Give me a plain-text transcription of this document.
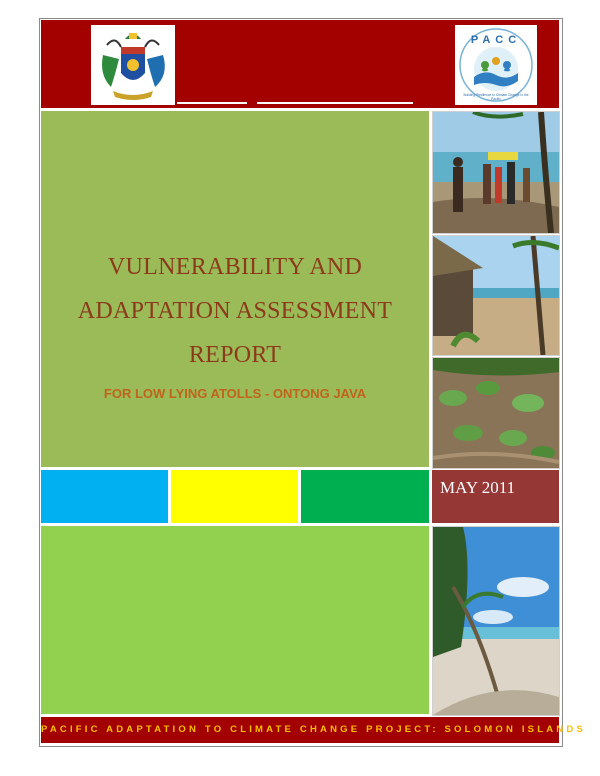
PACC
Building Resilience to Climate Change in the Pacific
VULNERABILITY AND
ADAPTATION ASSESSMENT
REPORT
FOR LOW LYING ATOLLS - ONTONG JAVA
MAY 2011
PACIFIC ADAPTATION TO CLIMATE CHANGE PROJECT: SOLOMON ISLANDS
